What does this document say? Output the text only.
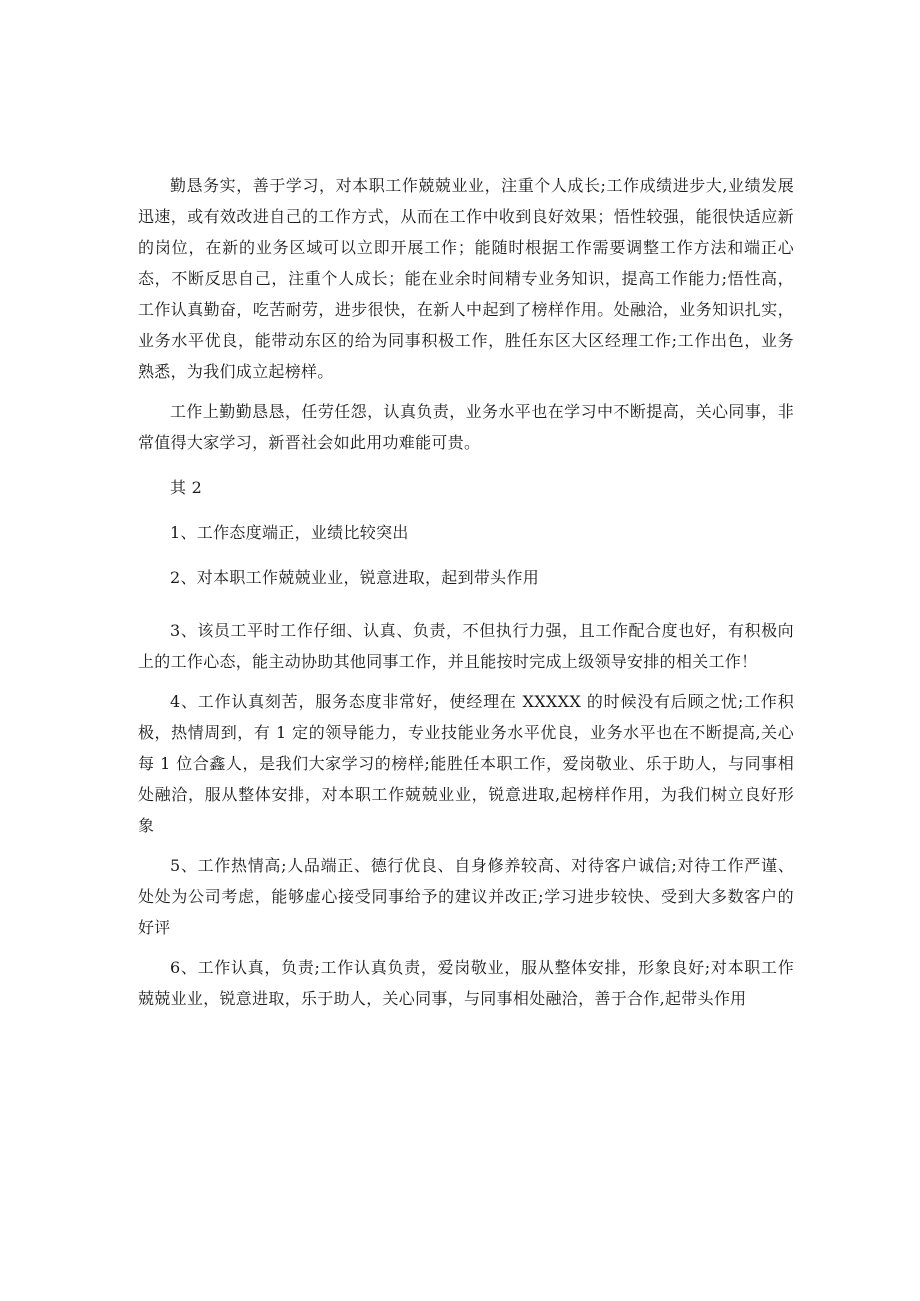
勤恳务实，善于学习，对本职工作兢兢业业，注重个人成长;工作成绩进步大,业绩发展迅速，或有效改进自己的工作方式，从而在工作中收到良好效果；悟性较强，能很快适应新的岗位，在新的业务区域可以立即开展工作；能随时根据工作需要调整工作方法和端正心态，不断反思自己，注重个人成长；能在业余时间精专业务知识，提高工作能力;悟性高，工作认真勤奋，吃苦耐劳，进步很快，在新人中起到了榜样作用。处融洽，业务知识扎实，业务水平优良，能带动东区的给为同事积极工作，胜任东区大区经理工作;工作出色，业务熟悉，为我们成立起榜样。

工作上勤勤恳恳，任劳任怨，认真负责，业务水平也在学习中不断提高，关心同事，非常值得大家学习，新晋社会如此用功难能可贵。

其 2

1、工作态度端正，业绩比较突出

2、对本职工作兢兢业业，锐意进取，起到带头作用

3、该员工平时工作仔细、认真、负责，不但执行力强，且工作配合度也好，有积极向上的工作心态，能主动协助其他同事工作，并且能按时完成上级领导安排的相关工作！

4、工作认真刻苦，服务态度非常好，使经理在 XXXXX 的时候没有后顾之忧;工作积极，热情周到，有 1 定的领导能力，专业技能业务水平优良，业务水平也在不断提高,关心每 1 位合鑫人，是我们大家学习的榜样;能胜任本职工作，爱岗敬业、乐于助人，与同事相处融洽，服从整体安排，对本职工作兢兢业业，锐意进取,起榜样作用，为我们树立良好形象

5、工作热情高;人品端正、德行优良、自身修养较高、对待客户诚信;对待工作严谨、处处为公司考虑，能够虚心接受同事给予的建议并改正;学习进步较快、受到大多数客户的好评

6、工作认真，负责;工作认真负责，爱岗敬业，服从整体安排，形象良好;对本职工作兢兢业业，锐意进取，乐于助人，关心同事，与同事相处融洽，善于合作,起带头作用
